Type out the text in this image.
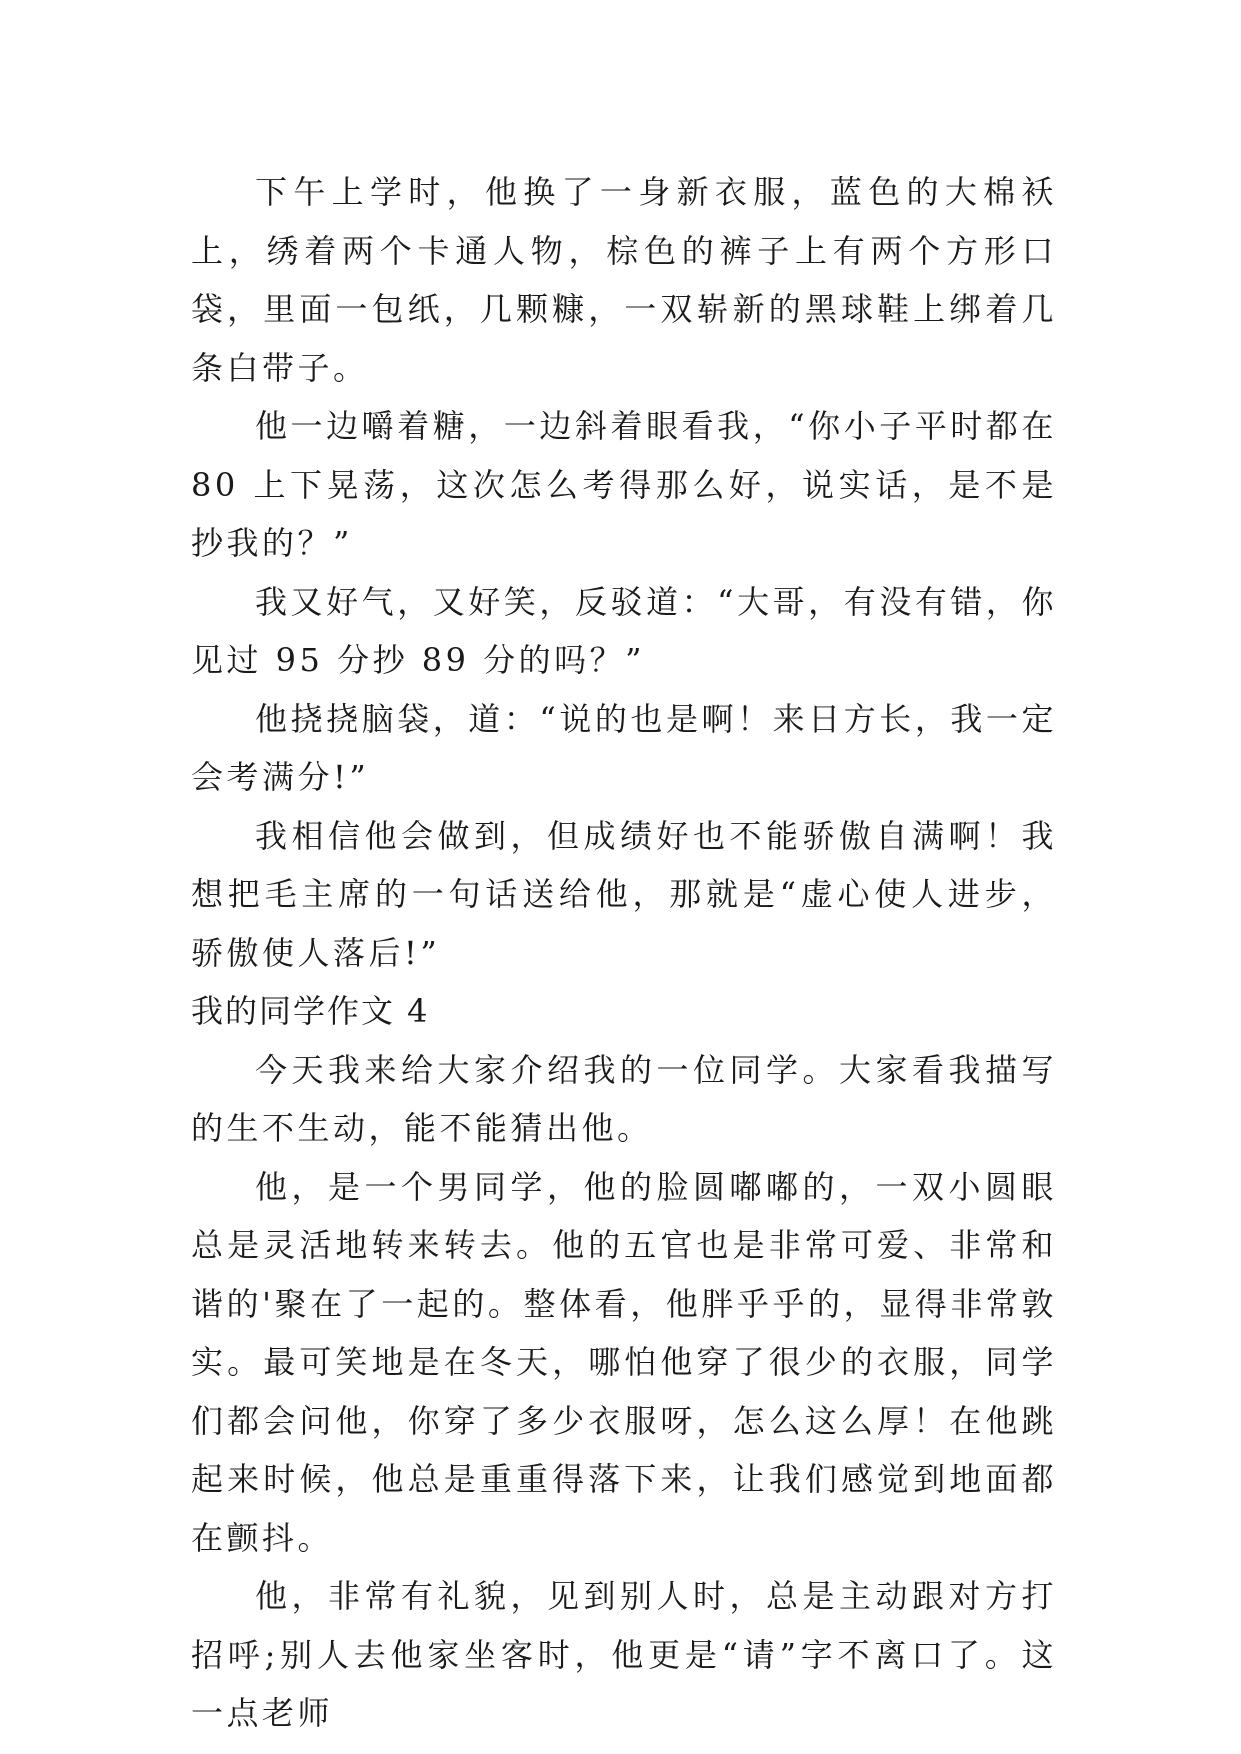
下午上学时，他换了一身新衣服，蓝色的大棉袄上，绣着两个卡通人物，棕色的裤子上有两个方形口袋，里面一包纸，几颗糠，一双崭新的黑球鞋上绑着几条白带子。

他一边嚼着糖，一边斜着眼看我，“你小子平时都在 80 上下晃荡，这次怎么考得那么好，说实话，是不是抄我的？”

我又好气，又好笑，反驳道：“大哥，有没有错，你见过 95 分抄 89 分的吗？”

他挠挠脑袋，道：“说的也是啊！来日方长，我一定会考满分!”

我相信他会做到，但成绩好也不能骄傲自满啊！我想把毛主席的一句话送给他，那就是“虚心使人进步，骄傲使人落后!”

我的同学作文 4

今天我来给大家介绍我的一位同学。大家看我描写的生不生动，能不能猜出他。

他，是一个男同学，他的脸圆嘟嘟的，一双小圆眼总是灵活地转来转去。他的五官也是非常可爱、非常和谐的'聚在了一起的。整体看，他胖乎乎的，显得非常敦实。最可笑地是在冬天，哪怕他穿了很少的衣服，同学们都会问他，你穿了多少衣服呀，怎么这么厚！在他跳起来时候，他总是重重得落下来，让我们感觉到地面都在颤抖。

他，非常有礼貌，见到别人时，总是主动跟对方打招呼;别人去他家坐客时，他更是“请”字不离口了。这一点老师
